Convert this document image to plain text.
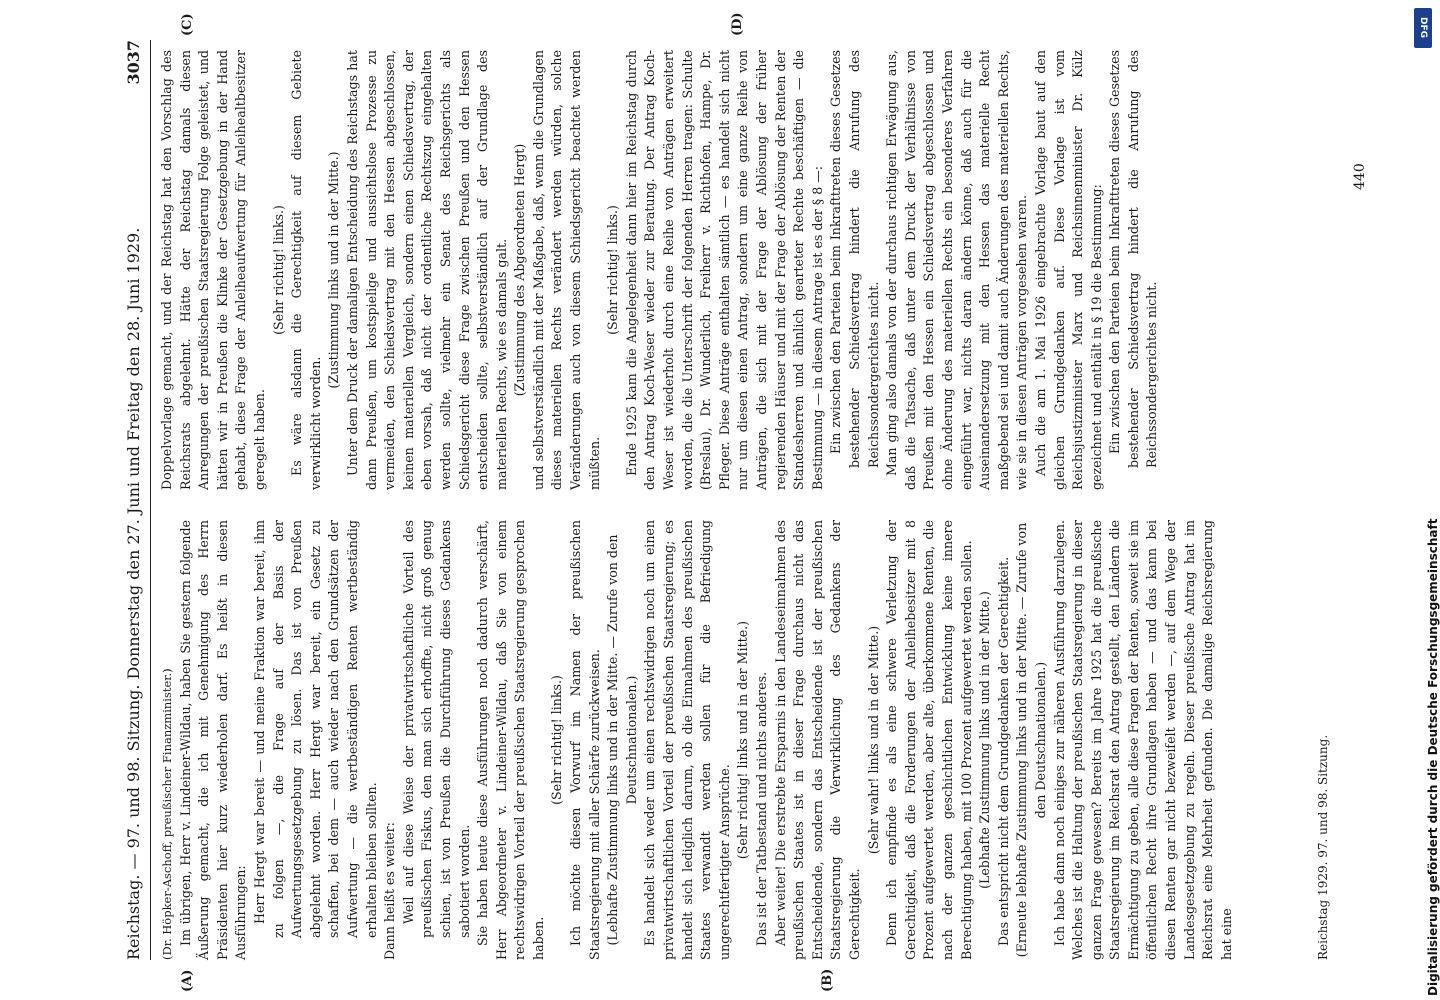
Reichstag. — 97. und 98. Sitzung. Donnerstag den 27. Juni und Freitag den 28. Juni 1929.
3037
(A)	(B)
(C)	(D)

(Dr. Höpker-Aschoff, preußischer Finanzminister.) Im übrigen, Herr v. Lindeiner-Wildau, haben Sie gestern folgende Äußerung gemacht, die ich mit Genehmigung des Herrn Präsidenten hier kurz wiederholen darf. Es heißt in diesen Ausführungen: Herr Hergt war bereit — und meine Fraktion war bereit, ihm zu folgen —, die Frage auf der Basis der Aufwertungsgesetzgebung zu lösen. Das ist von Preußen abgelehnt worden. Herr Hergt war bereit, ein Gesetz zu schaffen, bei dem — auch wieder nach den Grundsätzen der Aufwertung — die wertbeständigen Renten wertbeständig erhalten bleiben sollten. Dann heißt es weiter: Weil auf diese Weise der privatwirtschaftliche Vorteil des preußischen Fiskus, den man sich erhoffte, nicht groß genug schien, ist von Preußen die Durchführung dieses Gedankens sabotiert worden. Sie haben heute diese Ausführungen noch dadurch verschärft, Herr Abgeordneter v. Lindeiner-Wildau, daß Sie von einem rechtswidrigen Vorteil der preußischen Staatsregierung gesprochen haben.

(Sehr richtig! links.) Ich möchte diesen Vorwurf im Namen der preußischen Staatsregierung mit aller Schärfe zurückweisen. (Lebhafte Zustimmung links und in der Mitte. — Zurufe von den Deutschnationalen.) Es handelt sich weder um einen rechtswidrigen noch um einen privatwirtschaftlichen Vorteil der preußischen Staatsregierung; es handelt sich lediglich darum, ob die Einnahmen des preußischen Staates verwandt werden sollen für die Befriedigung ungerechtfertigter Ansprüche.

(Sehr richtig! links und in der Mitte.) Das ist der Tatbestand und nichts anderes. Aber weiter! Die erstrebte Ersparnis in den Landeseinnahmen des preußischen Staates ist in dieser Frage durchaus nicht das Entscheidende, sondern das Entscheidende ist der preußischen Staatsregierung die Verwirklichung des Gedankens der Gerechtigkeit.

(Sehr wahr! links und in der Mitte.) Denn ich empfinde es als eine schwere Verletzung der Gerechtigkeit, daß die Forderungen der Anleihebesitzer mit 8 Prozent aufgewertet werden, aber alte, überkommene Renten, die nach der ganzen geschichtlichen Entwicklung keine innere Berechtigung haben, mit 100 Prozent aufgewertet werden sollen. (Lebhafte Zustimmung links und in der Mitte.) Das entspricht nicht dem Grundgedanken der Gerechtigkeit. (Erneute lebhafte Zustimmung links und in der Mitte. — Zurufe von den Deutschnationalen.) Ich habe dann noch einiges zur näheren Ausführung darzulegen. Welches ist die Haltung der preußischen Staatsregierung in dieser ganzen Frage gewesen? Bereits im Jahre 1925 hat die preußische Staatsregierung im Reichsrat den Antrag gestellt, den Ländern die Ermächtigung zu geben, alle diese Fragen der Renten, soweit sie im öffentlichen Recht ihre Grundlagen haben — und das kann bei diesen Renten gar nicht bezweifelt werden —, auf dem Wege der Landesgesetzgebung zu regeln. Dieser preußische Antrag hat im Reichsrat eine Mehrheit gefunden. Die damalige Reichsregierung hat eine

Doppelvorlage gemacht, und der Reichstag hat den Vorschlag des Reichsrats abgelehnt. Hätte der Reichstag damals diesen Anregungen der preußischen Staatsregierung Folge geleistet, und hätten wir in Preußen die Klinke der Gesetzgebung in der Hand gehabt, diese Frage der Anleiheaufwertung für Anleihealtbesitzer geregelt haben.

(Sehr richtig! links.) Es wäre alsdann die Gerechtigkeit auf diesem Gebiete verwirklicht worden.

(Zustimmung links und in der Mitte.) Unter dem Druck der damaligen Entscheidung des Reichstags hat dann Preußen, um kostspielige und aussichtslose Prozesse zu vermeiden, den Schiedsvertrag mit den Hessen abgeschlossen, keinen materiellen Vergleich, sondern einen Schiedsvertrag, der eben vorsah, daß nicht der ordentliche Rechtszug eingehalten werden sollte, vielmehr ein Senat des Reichsgerichts als Schiedsgericht diese Frage zwischen Preußen und den Hessen entscheiden sollte, selbstverständlich auf der Grundlage des materiellen Rechts, wie es damals galt. (Zustimmung des Abgeordneten Hergt) und selbstverständlich mit der Maßgabe, daß, wenn die Grundlagen dieses materiellen Rechts verändert werden würden, solche Veränderungen auch von diesem Schiedsgericht beachtet werden müßten.

(Sehr richtig! links.) Ende 1925 kam die Angelegenheit dann hier im Reichstag durch den Antrag Koch-Weser wieder zur Beratung. Der Antrag Koch-Weser ist wiederholt durch eine Reihe von Anträgen erweitert worden, die die Unterschrift der folgenden Herren tragen: Schulte (Breslau), Dr. Wunderlich, Freiherr v. Richthofen, Hampe, Dr. Pfleger. Diese Anträge enthalten sämtlich — es handelt sich nicht nur um diesen einen Antrag, sondern um eine ganze Reihe von Anträgen, die sich mit der Frage der Ablösung der früher regierenden Häuser und mit der Frage der Ablösung der Renten der Standesherren und ähnlich gearteter Rechte beschäftigen — die Bestimmung — in diesem Antrage ist es der § 8 —: Ein zwischen den Parteien beim Inkrafttreten dieses Gesetzes bestehender Schiedsvertrag hindert die Anrufung des Reichssondergerichtes nicht. Man ging also damals von der durchaus richtigen Erwägung aus, daß die Tatsache, daß unter dem Druck der Verhältnisse von Preußen mit den Hessen ein Schiedsvertrag abgeschlossen und ohne Änderung des materiellen Rechts ein besonderes Verfahren eingeführt war, nichts daran ändern könne, daß auch für die Auseinandersetzung mit den Hessen das materielle Recht maßgebend sei und damit auch Änderungen des materiellen Rechts, wie sie in diesen Anträgen vorgesehen waren. Auch die am 1. Mai 1926 eingebrachte Vorlage baut auf den gleichen Grundgedanken auf. Diese Vorlage ist vom Reichsjustizminister Marx und Reichsinnenminister Dr. Külz gezeichnet und enthält in § 19 die Bestimmung: Ein zwischen den Parteien beim Inkrafttreten dieses Gesetzes bestehender Schiedsvertrag hindert die Anrufung des Reichssondergerichtes nicht.

Reichstag 1929. 97. und 98. Sitzung.
440
Digitalisierung gefördert durch die Deutsche Forschungsgemeinschaft
DFG
